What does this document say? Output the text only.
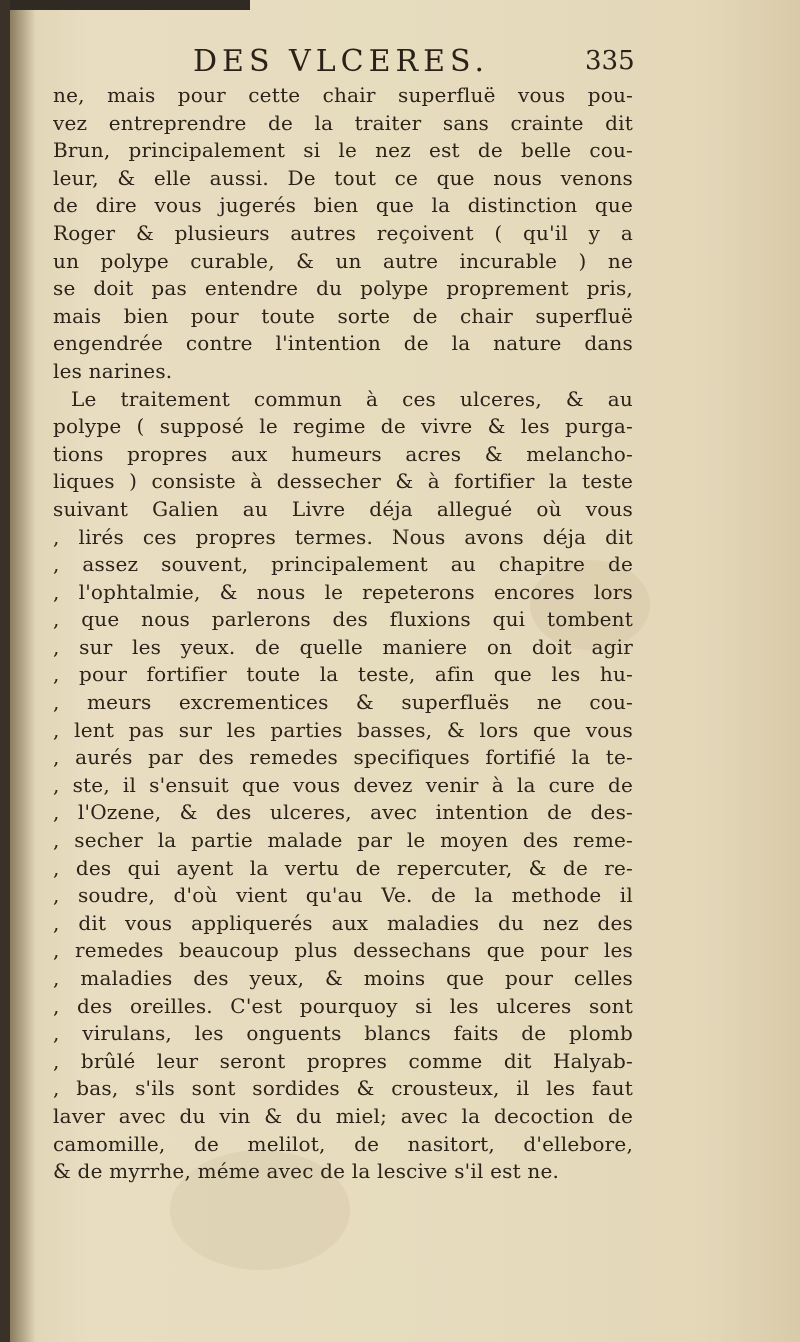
DES VLCERES.	335
ne, mais pour cette chair superfluë vous pou-
vez entreprendre de la traiter sans crainte dit
Brun, principalement si le nez est de belle cou-
leur, & elle aussi. De tout ce que nous venons
de dire vous jugerés bien que la distinction que
Roger & plusieurs autres reçoivent ( qu'il y a
un polype curable, & un autre incurable ) ne
se doit pas entendre du polype proprement pris,
mais bien pour toute sorte de chair superfluë
engendrée contre l'intention de la nature dans
les narines.
Le traitement commun à ces ulceres, & au
polype ( supposé le regime de vivre & les purga-
tions propres aux humeurs acres & melancho-
liques ) consiste à dessecher & à fortifier la teste
suivant Galien au Livre déja allegué où vous
, lirés ces propres termes. Nous avons déja dit
, assez souvent, principalement au chapitre de
, l'ophtalmie, & nous le repeterons encores lors
, que nous parlerons des fluxions qui tombent
, sur les yeux. de quelle maniere on doit agir
, pour fortifier toute la teste, afin que les hu-
, meurs excrementices & superfluës ne cou-
, lent pas sur les parties basses, & lors que vous
, aurés par des remedes specifiques fortifié la te-
, ste, il s'ensuit que vous devez venir à la cure de
, l'Ozene, & des ulceres, avec intention de des-
, secher la partie malade par le moyen des reme-
, des qui ayent la vertu de repercuter, & de re-
, soudre, d'où vient qu'au Ve. de la methode il
, dit vous appliquerés aux maladies du nez des
, remedes beaucoup plus dessechans que pour les
, maladies des yeux, & moins que pour celles
, des oreilles. C'est pourquoy si les ulceres sont
, virulans, les onguents blancs faits de plomb
, brûlé leur seront propres comme dit Halyab-
, bas, s'ils sont sordides & crousteux, il les faut
laver avec du vin & du miel; avec la decoction de
camomille, de melilot, de nasitort, d'ellebore,
& de myrrhe, méme avec de la lescive s'il est ne.
